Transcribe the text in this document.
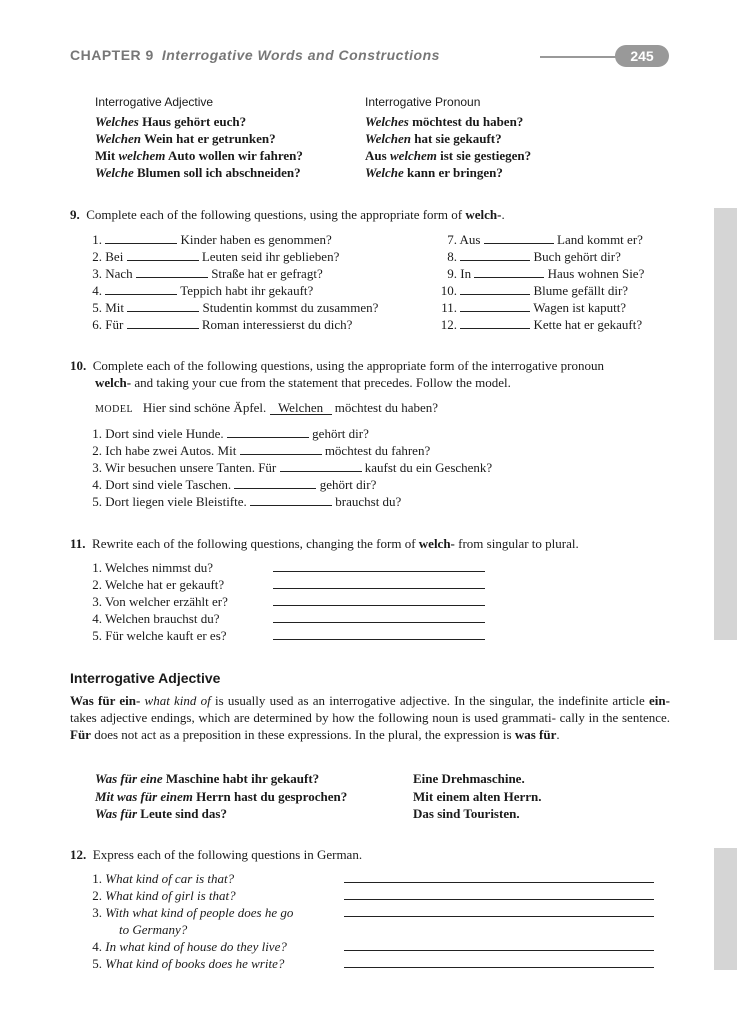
CHAPTER 9 Interrogative Words and Constructions	245
Interrogative Adjective	Interrogative Pronoun
Welches Haus gehört euch?	Welches möchtest du haben?
Welchen Wein hat er getrunken?	Welchen hat sie gekauft?
Mit welchem Auto wollen wir fahren?	Aus welchem ist sie gestiegen?
Welche Blumen soll ich abschneiden?	Welche kann er bringen?
9. Complete each of the following questions, using the appropriate form of welch-.
1.	Kinder haben es genommen?
2. Bei	Leuten seid ihr geblieben?
3. Nach	Straße hat er gefragt?
4.	Teppich habt ihr gekauft?
5. Mit	Studentin kommst du zusammen?
6. Für	Roman interessierst du dich?
7. Aus	Land kommt er?
8.	Buch gehört dir?
9. In	Haus wohnen Sie?
10.	Blume gefällt dir?
11.	Wagen ist kaputt?
12.	Kette hat er gekauft?
10. Complete each of the following questions, using the appropriate form of the interrogative pronoun
welch- and taking your cue from the statement that precedes. Follow the model.
MODEL Hier sind schöne Äpfel. Welchen möchtest du haben?
1. Dort sind viele Hunde.	gehört dir?
2. Ich habe zwei Autos. Mit	möchtest du fahren?
3. Wir besuchen unsere Tanten. Für	kaufst du ein Geschenk?
4. Dort sind viele Taschen.	gehört dir?
5. Dort liegen viele Bleistifte.	brauchst du?
11. Rewrite each of the following questions, changing the form of welch- from singular to plural.
1. Welches nimmst du?
2. Welche hat er gekauft?
3. Von welcher erzählt er?
4. Welchen brauchst du?
5. Für welche kauft er es?
Interrogative Adjective
Was für ein- what kind of is usually used as an interrogative adjective. In the singular, the indefinite article ein- takes adjective endings, which are determined by how the following noun is used grammati- cally in the sentence. Für does not act as a preposition in these expressions. In the plural, the expression is was für.
Was für eine Maschine habt ihr gekauft?	Eine Drehmaschine.
Mit was für einem Herrn hast du gesprochen?	Mit einem alten Herrn.
Was für Leute sind das?	Das sind Touristen.
12. Express each of the following questions in German.
1. What kind of car is that?
2. What kind of girl is that?
3. With what kind of people does he go
to Germany?
4. In what kind of house do they live?
5. What kind of books does he write?
